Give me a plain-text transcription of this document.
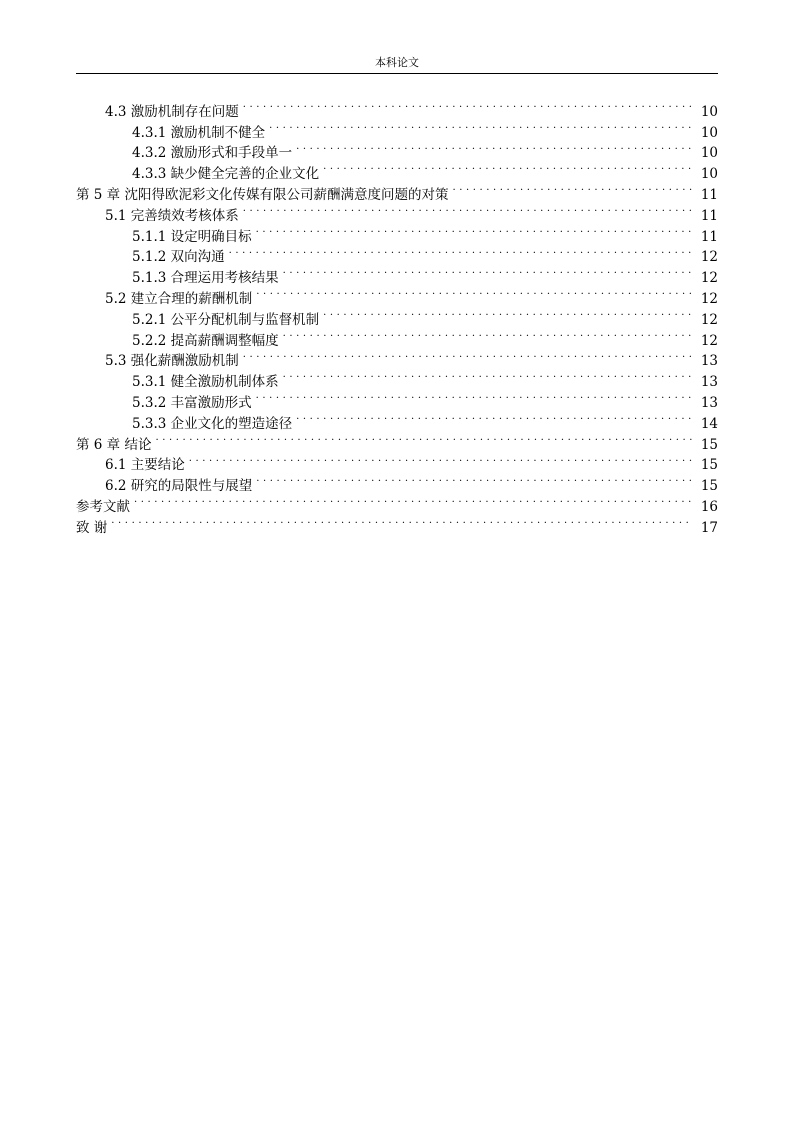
本科论文
4.3 激励机制存在问题 . . .	10
4.3.1 激励机制不健全 . . .	10
4.3.2 激励形式和手段单一 . . .	10
4.3.3 缺少健全完善的企业文化 . . .	10
第 5 章 沈阳得欧泥彩文化传媒有限公司薪酬满意度问题的对策 . . .	11
5.1 完善绩效考核体系 . . .	11
5.1.1 设定明确目标 . . .	11
5.1.2 双向沟通 . . .	12
5.1.3 合理运用考核结果 . . .	12
5.2 建立合理的薪酬机制 . . .	12
5.2.1 公平分配机制与监督机制 . . .	12
5.2.2 提高薪酬调整幅度 . . .	12
5.3 强化薪酬激励机制 . . .	13
5.3.1 健全激励机制体系 . . .	13
5.3.2 丰富激励形式 . . .	13
5.3.3 企业文化的塑造途径 . . .	14
第 6 章 结论 . . .	15
6.1 主要结论 . . .	15
6.2 研究的局限性与展望 . . .	15
参考文献 . . .	16
致 谢 . . .	17
